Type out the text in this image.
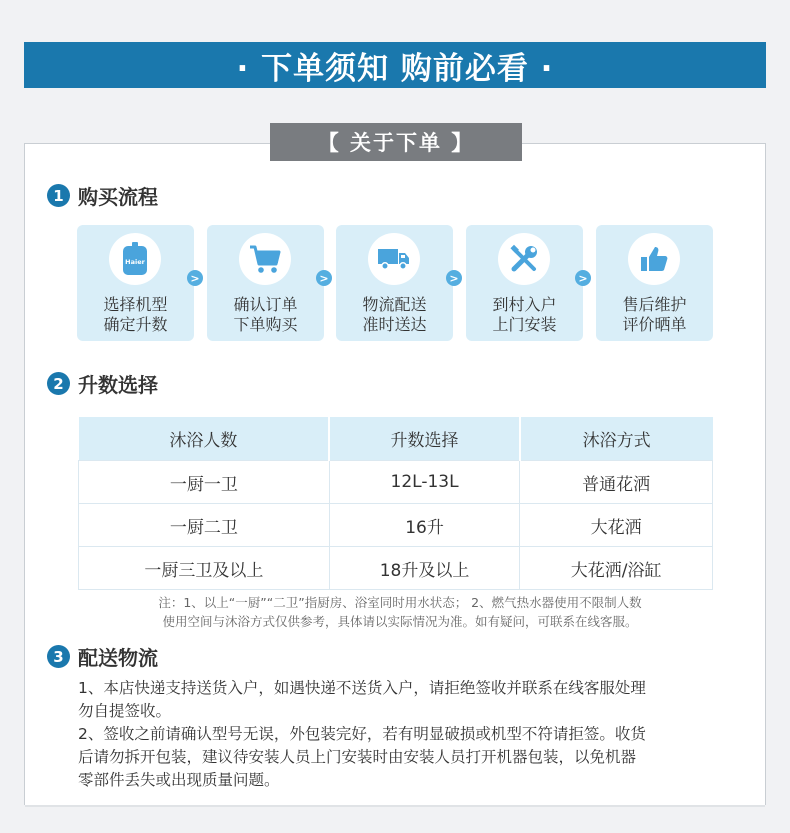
· 下单须知 购前必看 ·
【 关于下单 】
1 购买流程
Haier
选择机型
确定升数
>
确认订单
下单购买
>
物流配送
准时送达
>
到村入户
上门安装
>
售后维护
评价晒单
2 升数选择
沐浴人数	升数选择	沐浴方式
一厨一卫	12L-13L	普通花洒
一厨二卫	16升	大花洒
一厨三卫及以上	18升及以上	大花洒/浴缸
注：1、以上“一厨”“二卫”指厨房、浴室同时用水状态； 2、燃气热水器使用不限制人数
使用空间与沐浴方式仅供参考，具体请以实际情况为准。如有疑问，可联系在线客服。
3 配送物流
1、本店快递支持送货入户，如遇快递不送货入户，请拒绝签收并联系在线客服处理
勿自提签收。
2、签收之前请确认型号无误，外包装完好，若有明显破损或机型不符请拒签。收货
后请勿拆开包装，建议待安装人员上门安装时由安装人员打开机器包装，以免机器
零部件丢失或出现质量问题。
